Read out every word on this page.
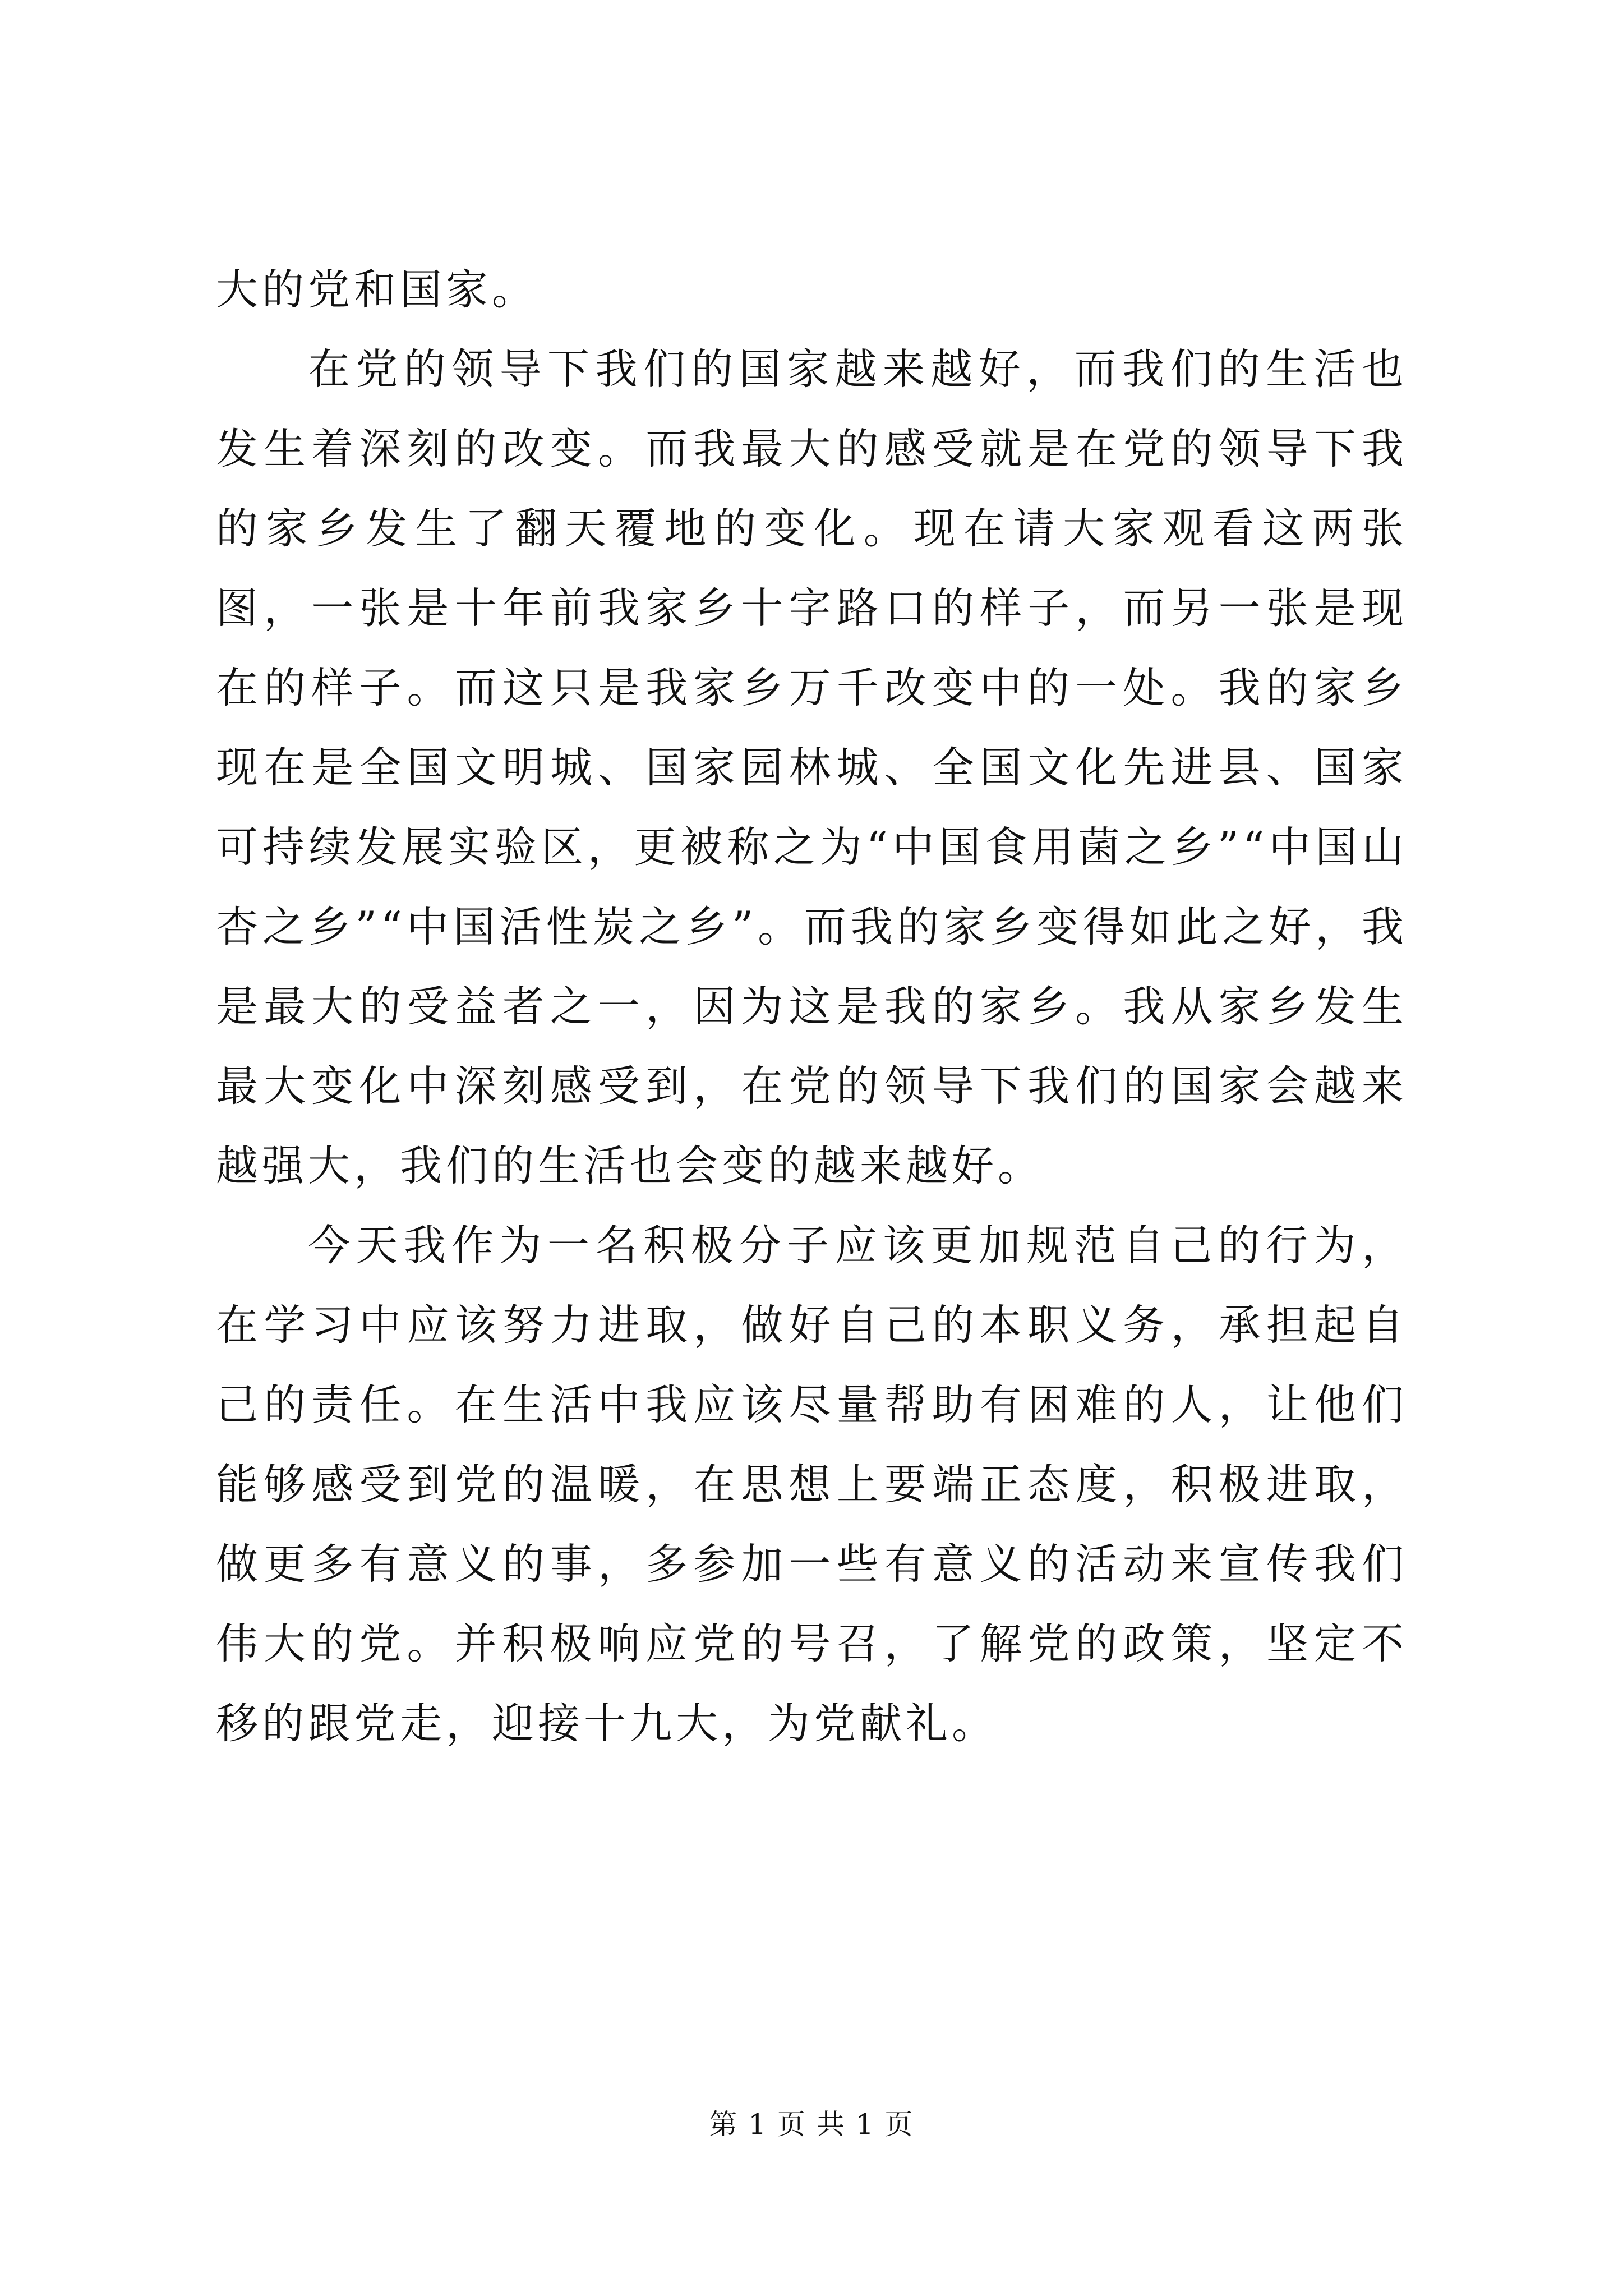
大的党和国家。

在党的领导下我们的国家越来越好，而我们的生活也发生着深刻的改变。而我最大的感受就是在党的领导下我的家乡发生了翻天覆地的变化。现在请大家观看这两张图，一张是十年前我家乡十字路口的样子，而另一张是现在的样子。而这只是我家乡万千改变中的一处。我的家乡现在是全国文明城、国家园林城、全国文化先进县、国家可持续发展实验区，更被称之为“中国食用菌之乡”“中国山杏之乡”“中国活性炭之乡”。而我的家乡变得如此之好，我是最大的受益者之一，因为这是我的家乡。我从家乡发生最大变化中深刻感受到，在党的领导下我们的国家会越来越强大，我们的生活也会变的越来越好。

今天我作为一名积极分子应该更加规范自己的行为，在学习中应该努力进取，做好自己的本职义务，承担起自己的责任。在生活中我应该尽量帮助有困难的人，让他们能够感受到党的温暖，在思想上要端正态度，积极进取，做更多有意义的事，多参加一些有意义的活动来宣传我们伟大的党。并积极响应党的号召，了解党的政策，坚定不移的跟党走，迎接十九大，为党献礼。

第 1 页 共 1 页
